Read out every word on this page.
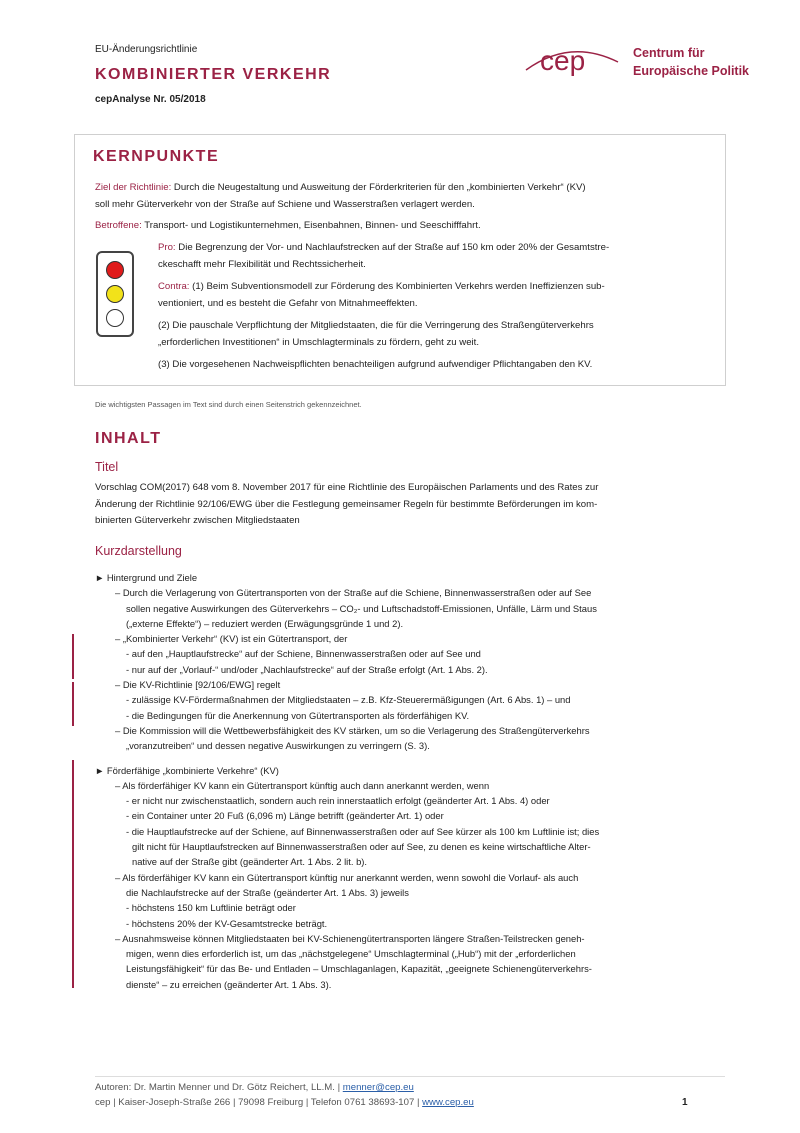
EU-Änderungsrichtlinie
KOMBINIERTER VERKEHR
cepAnalyse Nr. 05/2018
cep	Centrum für
Europäische Politik
KERNPUNKTE
Ziel der Richtlinie: Durch die Neugestaltung und Ausweitung der Förderkriterien für den „kombinierten Verkehr“ (KV)
soll mehr Güterverkehr von der Straße auf Schiene und Wasserstraßen verlagert werden.
Betroffene: Transport- und Logistikunternehmen, Eisenbahnen, Binnen- und Seeschifffahrt.
Pro: Die Begrenzung der Vor- und Nachlaufstrecken auf der Straße auf 150 km oder 20% der Gesamtstre-
ckeschafft mehr Flexibilität und Rechtssicherheit.
Contra: (1) Beim Subventionsmodell zur Förderung des Kombinierten Verkehrs werden Ineffizienzen sub-
ventioniert, und es besteht die Gefahr von Mitnahmeeffekten.
(2) Die pauschale Verpflichtung der Mitgliedstaaten, die für die Verringerung des Straßengüterverkehrs
„erforderlichen Investitionen“ in Umschlagterminals zu fördern, geht zu weit.
(3) Die vorgesehenen Nachweispflichten benachteiligen aufgrund aufwendiger Pflichtangaben den KV.
Die wichtigsten Passagen im Text sind durch einen Seitenstrich gekennzeichnet.
INHALT
Titel
Vorschlag COM(2017) 648 vom 8. November 2017 für eine Richtlinie des Europäischen Parlaments und des Rates zur
Änderung der Richtlinie 92/106/EWG über die Festlegung gemeinsamer Regeln für bestimmte Beförderungen im kom-
binierten Güterverkehr zwischen Mitgliedstaaten
Kurzdarstellung
► Hintergrund und Ziele
– Durch die Verlagerung von Gütertransporten von der Straße auf die Schiene, Binnenwasserstraßen oder auf See
sollen negative Auswirkungen des Güterverkehrs – CO₂- und Luftschadstoff-Emissionen, Unfälle, Lärm und Staus
(„externe Effekte“) – reduziert werden (Erwägungsgründe 1 und 2).
– „Kombinierter Verkehr“ (KV) ist ein Gütertransport, der
- auf den „Hauptlaufstrecke“ auf der Schiene, Binnenwasserstraßen oder auf See und
- nur auf der „Vorlauf-“ und/oder „Nachlaufstrecke“ auf der Straße erfolgt (Art. 1 Abs. 2).
– Die KV-Richtlinie [92/106/EWG] regelt
- zulässige KV-Fördermaßnahmen der Mitgliedstaaten – z.B. Kfz-Steuerermäßigungen (Art. 6 Abs. 1) – und
- die Bedingungen für die Anerkennung von Gütertransporten als förderfähigen KV.
– Die Kommission will die Wettbewerbsfähigkeit des KV stärken, um so die Verlagerung des Straßengüterverkehrs
„voranzutreiben“ und dessen negative Auswirkungen zu verringern (S. 3).
► Förderfähige „kombinierte Verkehre“ (KV)
– Als förderfähiger KV kann ein Gütertransport künftig auch dann anerkannt werden, wenn
- er nicht nur zwischenstaatlich, sondern auch rein innerstaatlich erfolgt (geänderter Art. 1 Abs. 4) oder
- ein Container unter 20 Fuß (6,096 m) Länge betrifft (geänderter Art. 1) oder
- die Hauptlaufstrecke auf der Schiene, auf Binnenwasserstraßen oder auf See kürzer als 100 km Luftlinie ist; dies
gilt nicht für Hauptlaufstrecken auf Binnenwasserstraßen oder auf See, zu denen es keine wirtschaftliche Alter-
native auf der Straße gibt (geänderter Art. 1 Abs. 2 lit. b).
– Als förderfähiger KV kann ein Gütertransport künftig nur anerkannt werden, wenn sowohl die Vorlauf- als auch
die Nachlaufstrecke auf der Straße (geänderter Art. 1 Abs. 3) jeweils
- höchstens 150 km Luftlinie beträgt oder
- höchstens 20% der KV-Gesamtstrecke beträgt.
– Ausnahmsweise können Mitgliedstaaten bei KV-Schienengütertransporten längere Straßen-Teilstrecken geneh-
migen, wenn dies erforderlich ist, um das „nächstgelegene“ Umschlagterminal („Hub“) mit der „erforderlichen
Leistungsfähigkeit“ für das Be- und Entladen – Umschlaganlagen, Kapazität, „geeignete Schienengüterverkehrs-
dienste“ – zu erreichen (geänderter Art. 1 Abs. 3).
Autoren: Dr. Martin Menner und Dr. Götz Reichert, LL.M. | menner@cep.eu
cep | Kaiser-Joseph-Straße 266 | 79098 Freiburg | Telefon 0761 38693-107 | www.cep.eu	1
